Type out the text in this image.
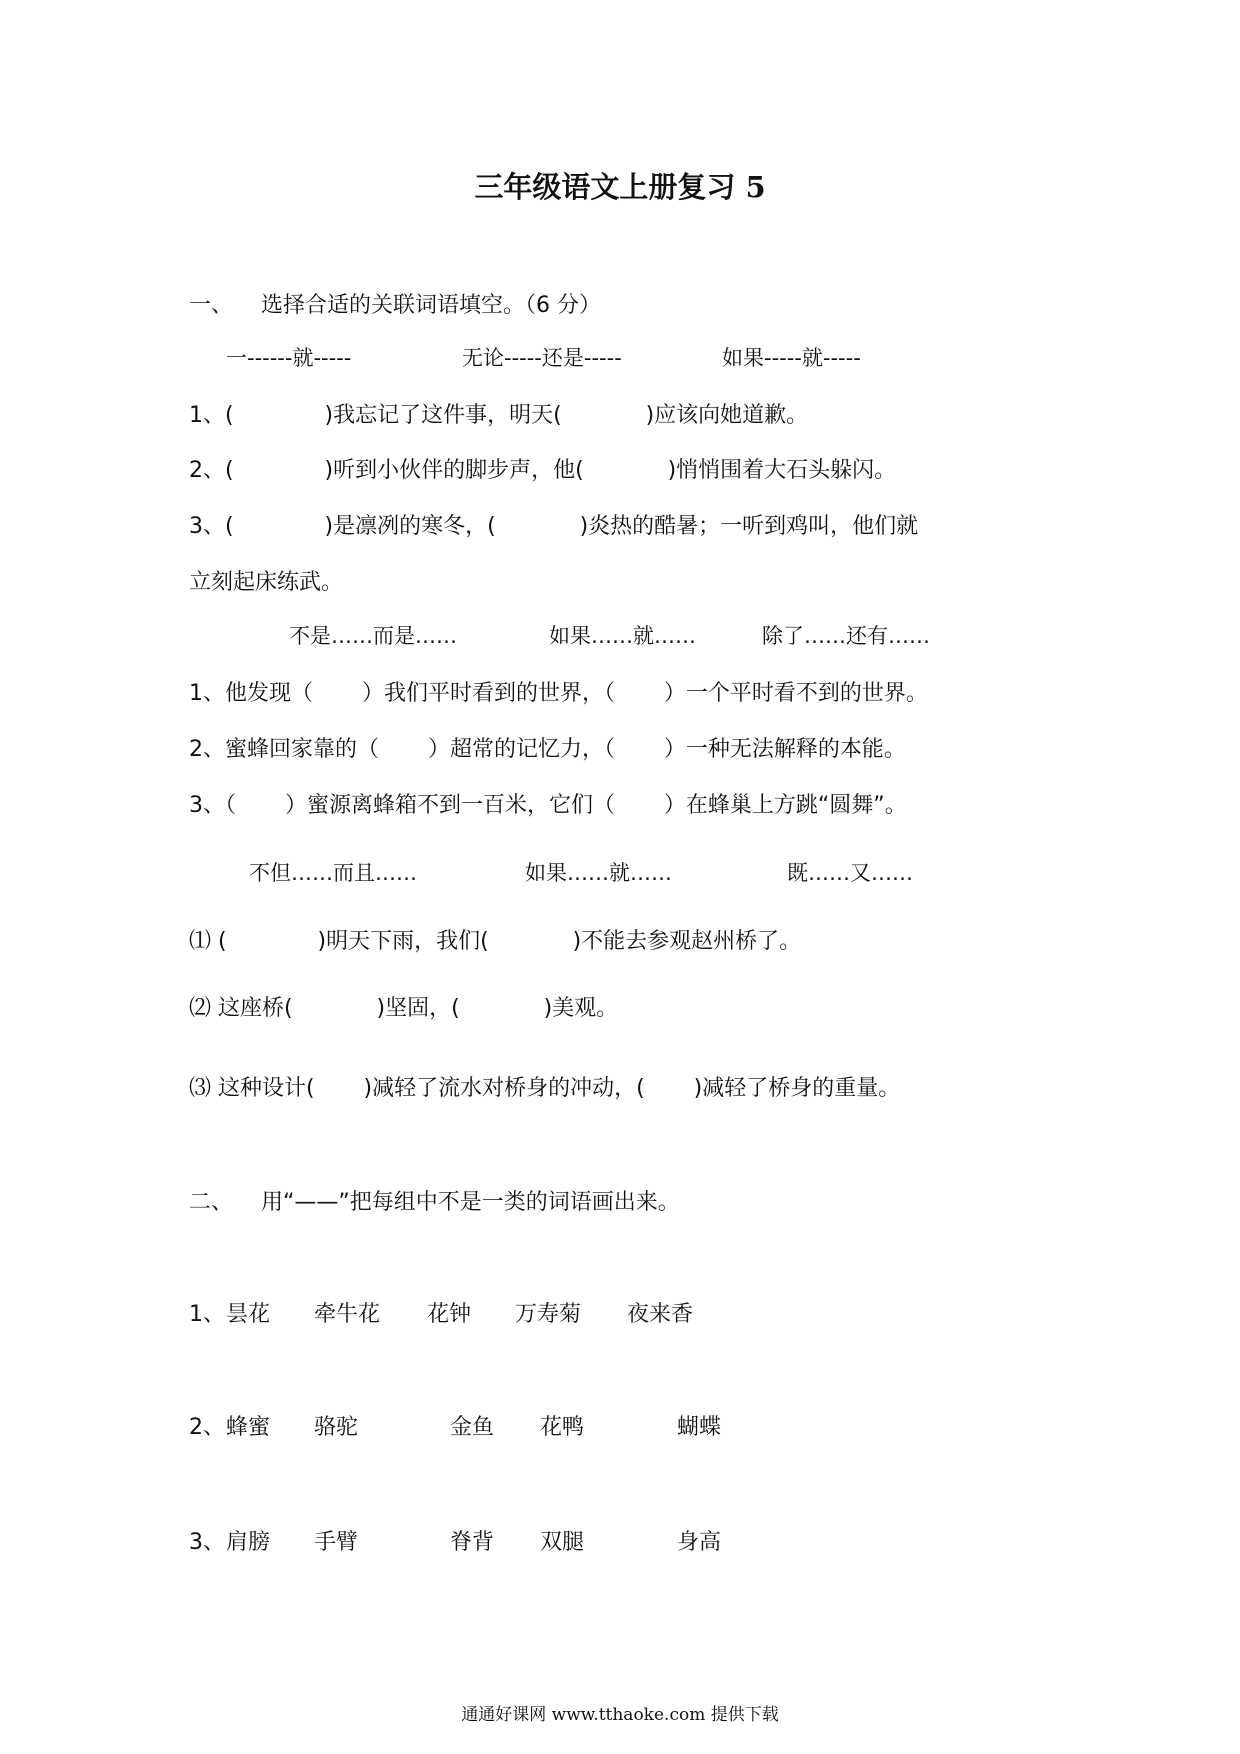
三年级语文上册复习 5
一、    选择合适的关联词语填空。（6 分）
一------就-----	无论-----还是-----	如果-----就-----
1、(             )我忘记了这件事，明天(            )应该向她道歉。
2、(             )听到小伙伴的脚步声，他(            )悄悄围着大石头躲闪。
3、(             )是凛冽的寒冬，(            )炎热的酷暑；一听到鸡叫，他们就
立刻起床练武。
不是……而是……	如果……就……	除了……还有……
1、他发现（       ）我们平时看到的世界，（       ）一个平时看不到的世界。
2、蜜蜂回家靠的（       ）超常的记忆力，（       ）一种无法解释的本能。
3、（       ）蜜源离蜂箱不到一百米，它们（       ）在蜂巢上方跳“圆舞”。
不但……而且……	如果……就……	既……又……
⑴ (             )明天下雨，我们(            )不能去参观赵州桥了。
⑵ 这座桥(            )坚固，(            )美观。
⑶ 这种设计(       )减轻了流水对桥身的冲动，(       )减轻了桥身的重量。
二、    用“——”把每组中不是一类的词语画出来。
1、 昙花 牵牛花 花钟 万寿菊 夜来香
2、 蜂蜜 骆驼	金鱼 花鸭	蝴蝶
3、 肩膀 手臂	脊背 双腿	身高
通通好课网 www.tthaoke.com 提供下载
